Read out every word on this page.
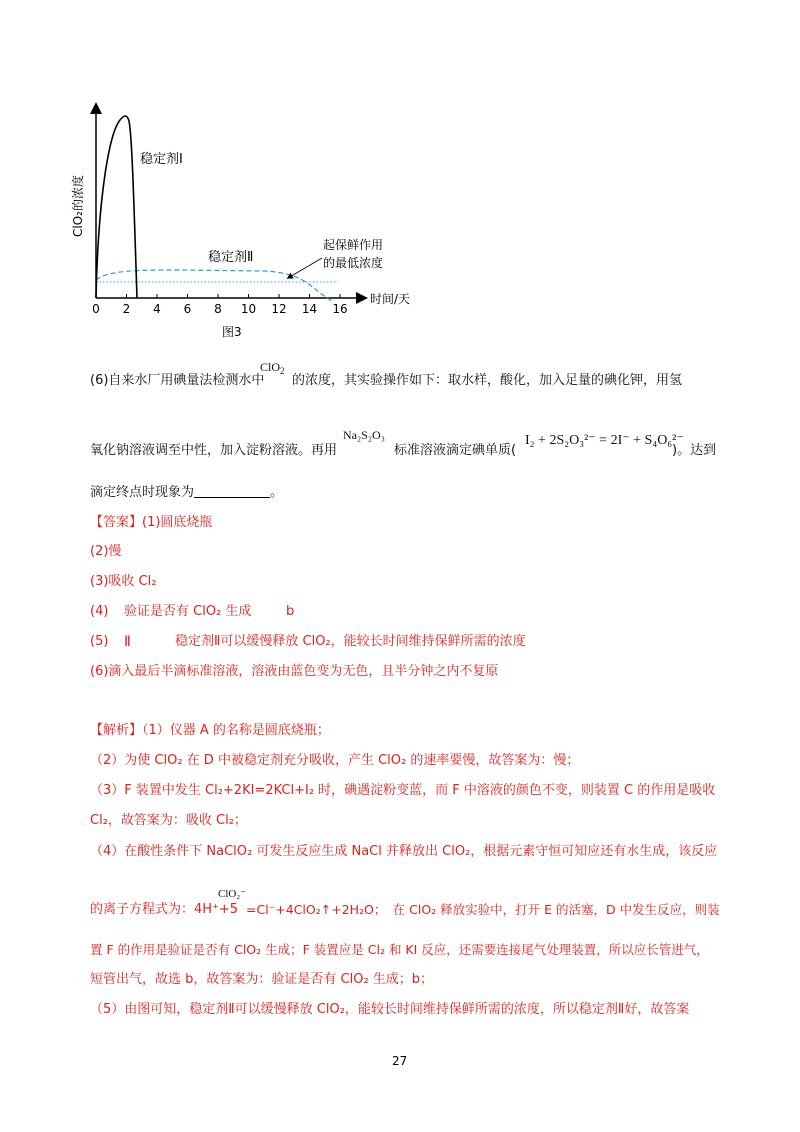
0 2 4 6 8 10 12 14 16
ClO₂的浓度
稳定剂Ⅰ
稳定剂Ⅱ
起保鲜作用
的最低浓度
时间/天
图3
(6)自来水厂用碘量法检测水中
ClO$_2$
的浓度，其实验操作如下：取水样，酸化，加入足量的碘化钾，用氢
氧化钠溶液调至中性，加入淀粉溶液。再用
Na₂S₂O₃
标准溶液滴定碘单质(
I₂ + 2S₂O₃²⁻ = 2I⁻ + S₄O₆²⁻
)。达到
滴定终点时现象为	。
【答案】(1)圆底烧瓶
(2)慢
(3)吸收 Cl₂
(4) 验证是否有 ClO₂ 生成	b
(5) Ⅱ	稳定剂Ⅱ可以缓慢释放 ClO₂，能较长时间维持保鲜所需的浓度
(6)滴入最后半滴标准溶液，溶液由蓝色变为无色，且半分钟之内不复原
【解析】（1）仪器 A 的名称是圆底烧瓶；
（2）为使 ClO₂ 在 D 中被稳定剂充分吸收，产生 ClO₂ 的速率要慢，故答案为：慢；
（3）F 装置中发生 Cl₂+2KI=2KCl+I₂ 时，碘遇淀粉变蓝，而 F 中溶液的颜色不变，则装置 C 的作用是吸收
Cl₂，故答案为：吸收 Cl₂；
（4）在酸性条件下 NaClO₂ 可发生反应生成 NaCl 并释放出 ClO₂，根据元素守恒可知应还有水生成，该反应
的离子方程式为：4H⁺+5
ClO₂⁻
=Cl⁻+4ClO₂↑+2H₂O；　在 ClO₂ 释放实验中，打开 E 的活塞，D 中发生反应，则装
置 F 的作用是验证是否有 ClO₂ 生成；F 装置应是 Cl₂ 和 KI 反应，还需要连接尾气处理装置，所以应长管进气，
短管出气，故选 b，故答案为：验证是否有 ClO₂ 生成；b；
（5）由图可知，稳定剂Ⅱ可以缓慢释放 ClO₂，能较长时间维持保鲜所需的浓度，所以稳定剂Ⅱ好，故答案
27
